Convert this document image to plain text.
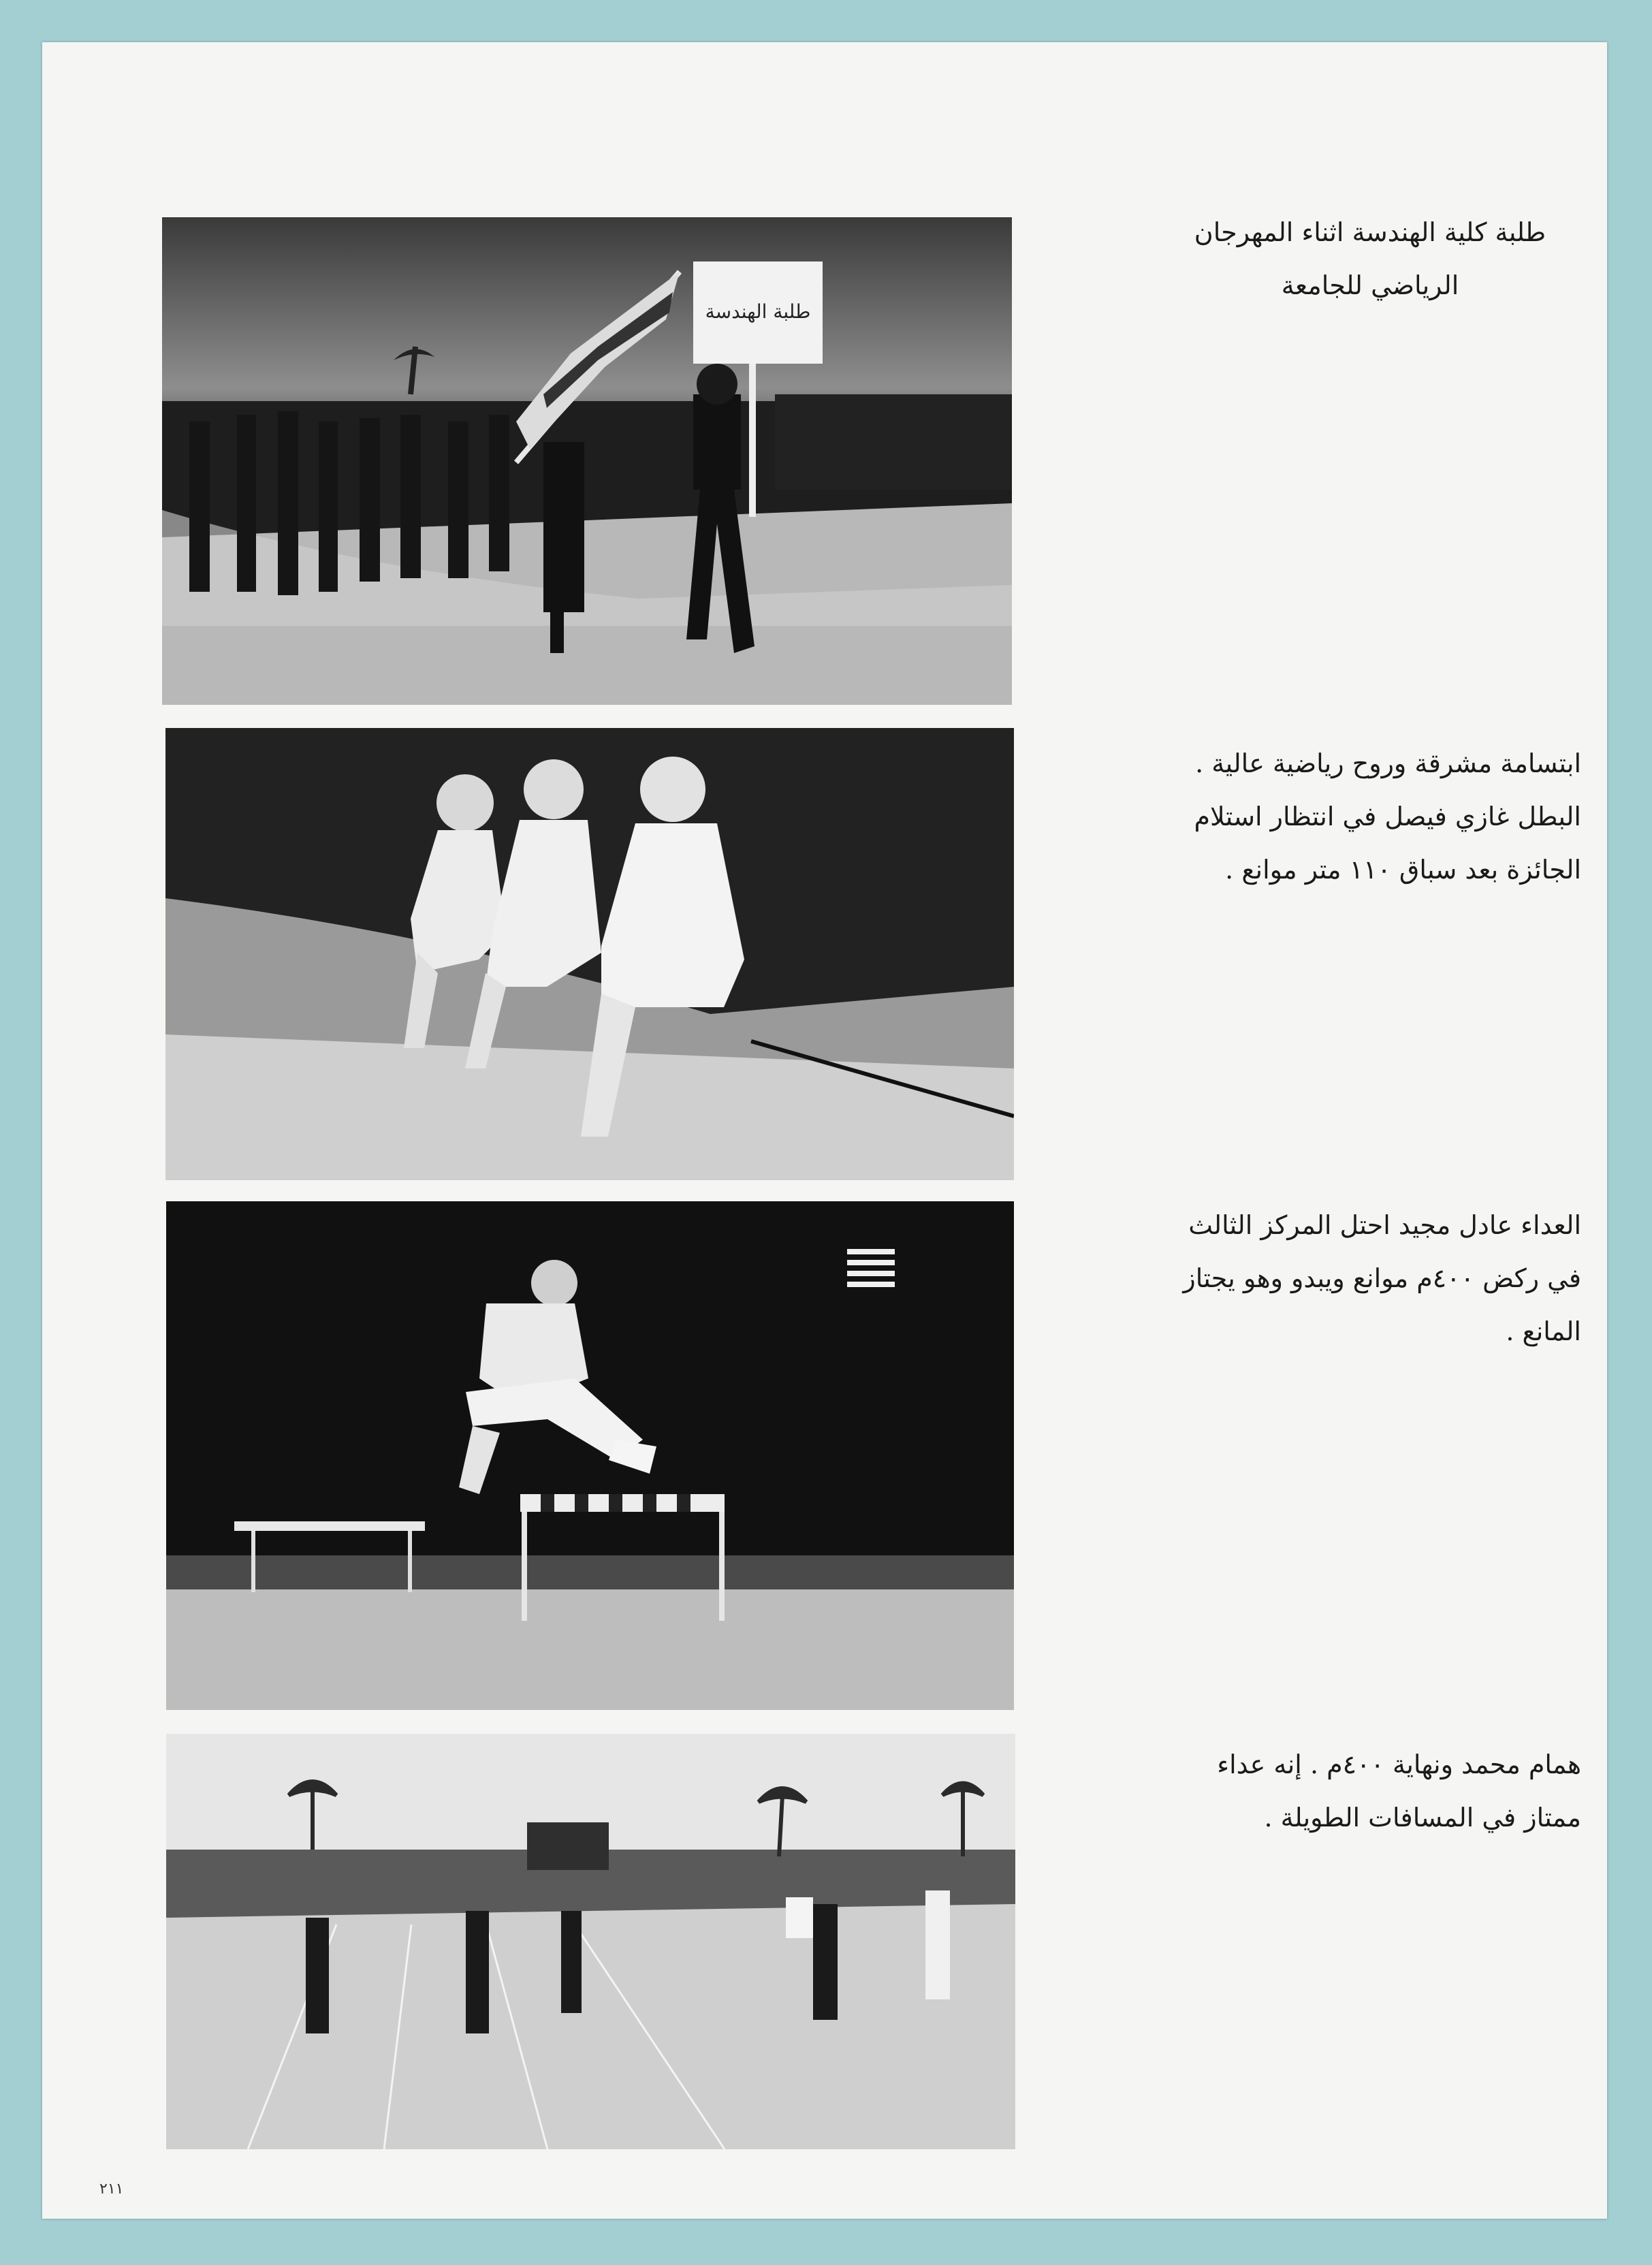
طلبة الهندسة
طلبة كلية الهندسة اثناء المهرجان الرياضي للجامعة
ابتسامة مشرقة وروح رياضية عالية . البطل غازي فيصل في انتظار استلام الجائزة بعد سباق ١١٠ متر موانع .
العداء عادل مجيد احتل المركز الثالث في ركض ٤٠٠م موانع ويبدو وهو يجتاز المانع .
همام محمد ونهاية ٤٠٠م . إنه عداء ممتاز في المسافات الطويلة .
٢١١
